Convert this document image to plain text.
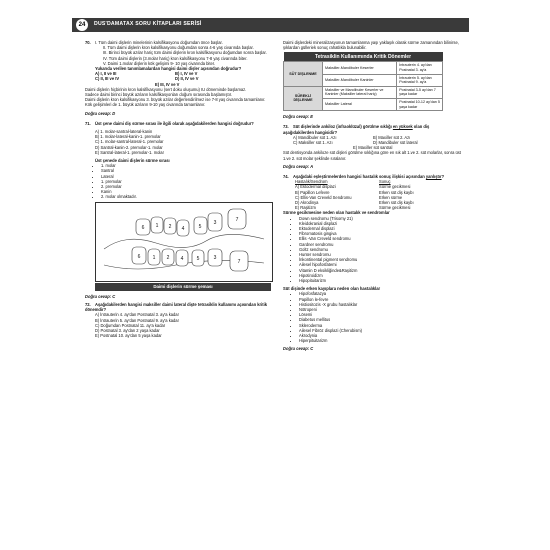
24	DUS'DAMATAX SORU KİTAPLARI SERİSİ

70. I. Tüm daimi dişlerin minelerinin kalsifikasyonu doğumdan önce başlar.

II. Tüm daimi dişlerin kron kalsifikasyonu doğumdan sonra 4-6 yaş civarında başlar.

III. Birinci büyük azılar hariç tüm daimi dişlerin kron kalsifikasyonu doğumdan sonra başlar.

IV. Tüm daimi dişlerin (3.molar hariç) kron kalsifikasyonu 7-8 yaş civarında biter.

V. Daimi 1.molar dişlerin kök gelişimi 9- 10 yaş civarında biter.

Yukarıda verilen tanımlamalardan hangisi daimi dişler açısından doğrudur?

A) I, II ve III	B) I, IV ve V

C) II, III ve IV	D) II, IV ve V

E) III, IV ve V

Daimi dişlerin hiçbirinin kron kalsifikasyonu (sert doku oluşumu) IU döneminde başlamaz.

Sadece daimi birinci büyük azıların kalsifikasyonları doğum sırasında başlamıştır.

Daimi dişlerin kron kalsifikasyonu 3. büyük azılar değerlendirilmez ise 7-8 yaş civarında tamamlanır.

Kök gelişimleri de 1. büyük azıların 9-10 yaş civarında tamamlanır.

Doğru cevap: D

71. Üst çene daimi diş sürme sırası ile ilgili olarak aşağıdakilerden hangisi doğrudur?

A) 1. molar-santral-lateral-kanin

B) 1. molar-lateral-kanin-1. premolar

C) 1. molar-santral-lateral-1. premolar

D) Santral-kanin-2. premolar-1. molar

E) Santral-lateral-1. premolar-1. molar

Üst çenede daimi dişlerin sürme sırası

• 1. molar
• Santral
• Lateral
• 1. premolar
• 2. premolar
• Kanin
• 2. molar olmaktadır.
6 1 2 4	5
3	7
7
3
5
4
2
1
6
Daimi dişlerin sürme şeması

Doğru cevap: C

72. Aşağıdakilerden hangisi maksiller daimi lateral dişte tetrasiklin kullanımı açısından kritik dönemdir?

A) İntrauterin 4. ay'dan Postnatal 3. ay'a kadar

B) İntrauterin 5. ay'dan Postnatal 9. ay'a kadar

C) Doğumdan Postnatal 11. ay'a kadar

D) Postnatal 3. ay'dan 2 yaşa kadar

E) Postnatal 10. ay'dan 5 yaşa kadar

Daimi dişlerdeki mineralizasyonun tamamlanma yaşı yaklaşık olarak sürme zamanından bilinirse, şıklardan gülleriek sonuç rahatlıkla bulunabilir.

Tetrasiklin Kullanımında Kritik Dönemler		
SÜT DİŞLENME	Maksiller-Mandibuler Keserler	İntrauterin 4. ay'dan Postnatal 3. ay'a
	Maksiller-Mandibuler Kaninler	İntrauterin 5. ay'dan Postnatal 9. ay'a
SÜREKLİ DİŞLENME	Maksiller ve Mandibuler Keserler ve Kaninler (Maksiller lateral hariç)	Postnatal 3-5 ay'dan 7 yaşa kadar
	Maksiller Lateral	Postnatal 10-12 ay'dan 5 yaşa kadar

Doğru cevap: E

73. Süt dişlerinde ankiloz (infraoklüzal) görülme sıklığı en yüksek olan diş aşağıdakilerden hangisidir?

A) Mandibuler süt 1. Azı	B) Maxiller süt 2. Azı

C) Maksiller süt 1. Azı	D) Mandibuler süt lateral

E) Maxiller süt santral

Süt dentisyonda ankiloze süt dişleri görülme sıklığına göre en sık alt 1.ve 2. süt molarlar, sonra üst 1.ve 2. süt molar şeklinde sıralanır.

Doğru cevap: A

74. Aşağıdaki eşleştirmelerden hangisi hastalık sonuç ilişkisi açısından yanlıştır?

Hastalık/Sendrom	Sonuç
A) Ektodermal displazi	Sürme gecikmesi
B) Papillon Lefevre	Erken süt diş kaybı
C) Ellis-Van Creveld Sendromu	Erken sürme
D) Akrodinya	Erken süt diş kaybı
E) Raşitizm	Sürme gecikmesi

Sürme gecikmesine neden olan hastalık ve sendromlar

• Down sendromu (Trisomy 21)
• Kleidokranial displazi
• Ektodermal displazi
• Fibromatosis gingiva
• Ellis -Van Creveld sendromu
• Gardner sendromu
• Goltz sendromu
• Hunter sendromu
• İnkontinental pigment sendromu
• Ailesel hipofosfatemi
• Vitamin D eksikliğinde&Raşitizm
• Hipotiroidizm
• Hipopituitarizm

Süt dişinde erken kayıplara neden olan hastalıklar

• Hipofosfatazya
• Papillon le-fevre
• Histiositozis -X grubu hastalıklar
• Nötropeni
• Lösemi
• Diabetus mellitus
• Sklerodermа
• Ailesel Fibröz displazi (Cherubism)
• Akrodynia
• Hiperpituitarizm

Doğru cevap: C
